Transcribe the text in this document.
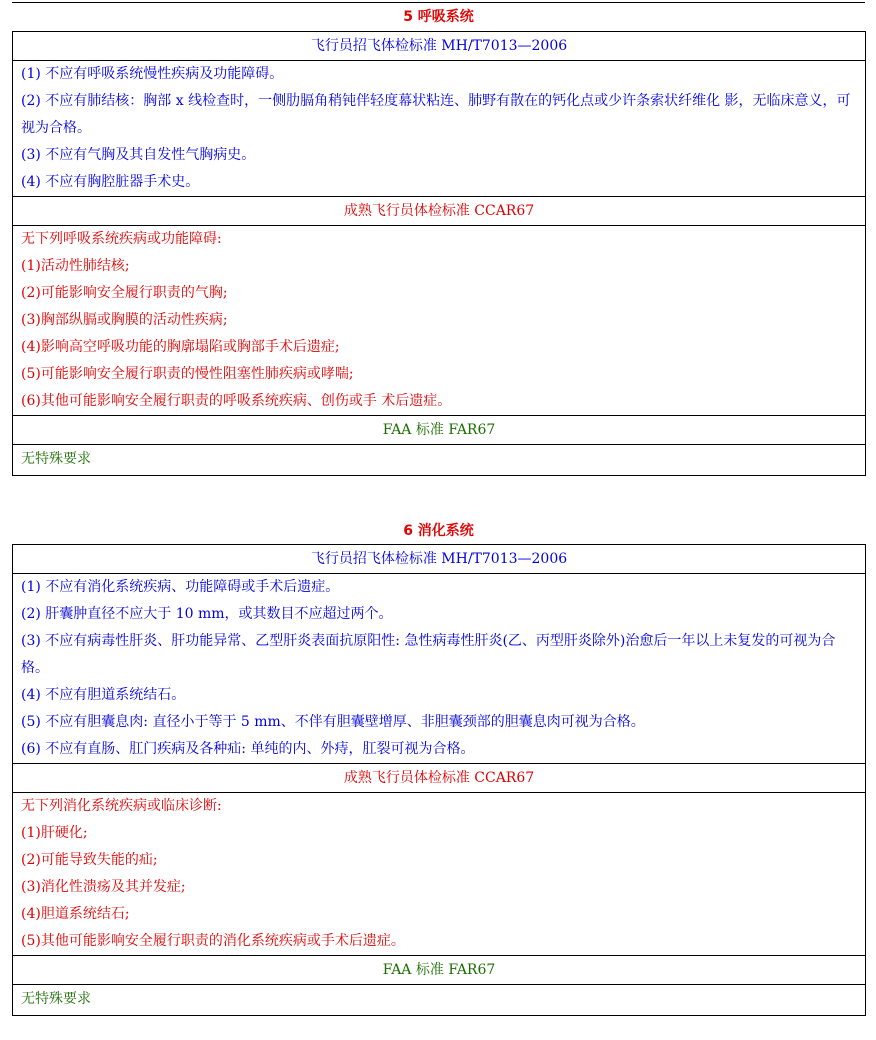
5 呼吸系统
飞行员招飞体检标准 MH/T7013—2006

(1) 不应有呼吸系统慢性疾病及功能障碍。
(2) 不应有肺结核：胸部 x 线检查时，一侧肋膈角稍钝伴轻度幕状粘连、肺野有散在的钙化点或少许条索状纤维化 影，无临床意义，可视为合格。
(3) 不应有气胸及其自发性气胸病史。
(4) 不应有胸腔脏器手术史。

成熟飞行员体检标准 CCAR67

无下列呼吸系统疾病或功能障碍:
(1)活动性肺结核;
(2)可能影响安全履行职责的气胸;
(3)胸部纵膈或胸膜的活动性疾病;
(4)影响高空呼吸功能的胸廓塌陷或胸部手术后遗症;
(5)可能影响安全履行职责的慢性阻塞性肺疾病或哮喘;
(6)其他可能影响安全履行职责的呼吸系统疾病、创伤或手 术后遗症。

FAA 标准 FAR67
无特殊要求
6 消化系统
飞行员招飞体检标准 MH/T7013—2006

(1) 不应有消化系统疾病、功能障碍或手术后遗症。
(2) 肝囊肿直径不应大于 10 mm，或其数目不应超过两个。
(3) 不应有病毒性肝炎、肝功能异常、乙型肝炎表面抗原阳性: 急性病毒性肝炎(乙、丙型肝炎除外)治愈后一年以上未复发的可视为合格。
(4) 不应有胆道系统结石。
(5) 不应有胆囊息肉: 直径小于等于 5 mm、不伴有胆囊壁增厚、非胆囊颈部的胆囊息肉可视为合格。
(6) 不应有直肠、肛门疾病及各种疝: 单纯的内、外痔，肛裂可视为合格。

成熟飞行员体检标准 CCAR67

无下列消化系统疾病或临床诊断:
(1)肝硬化;
(2)可能导致失能的疝;
(3)消化性溃疡及其并发症;
(4)胆道系统结石;
(5)其他可能影响安全履行职责的消化系统疾病或手术后遗症。

FAA 标准 FAR67
无特殊要求
